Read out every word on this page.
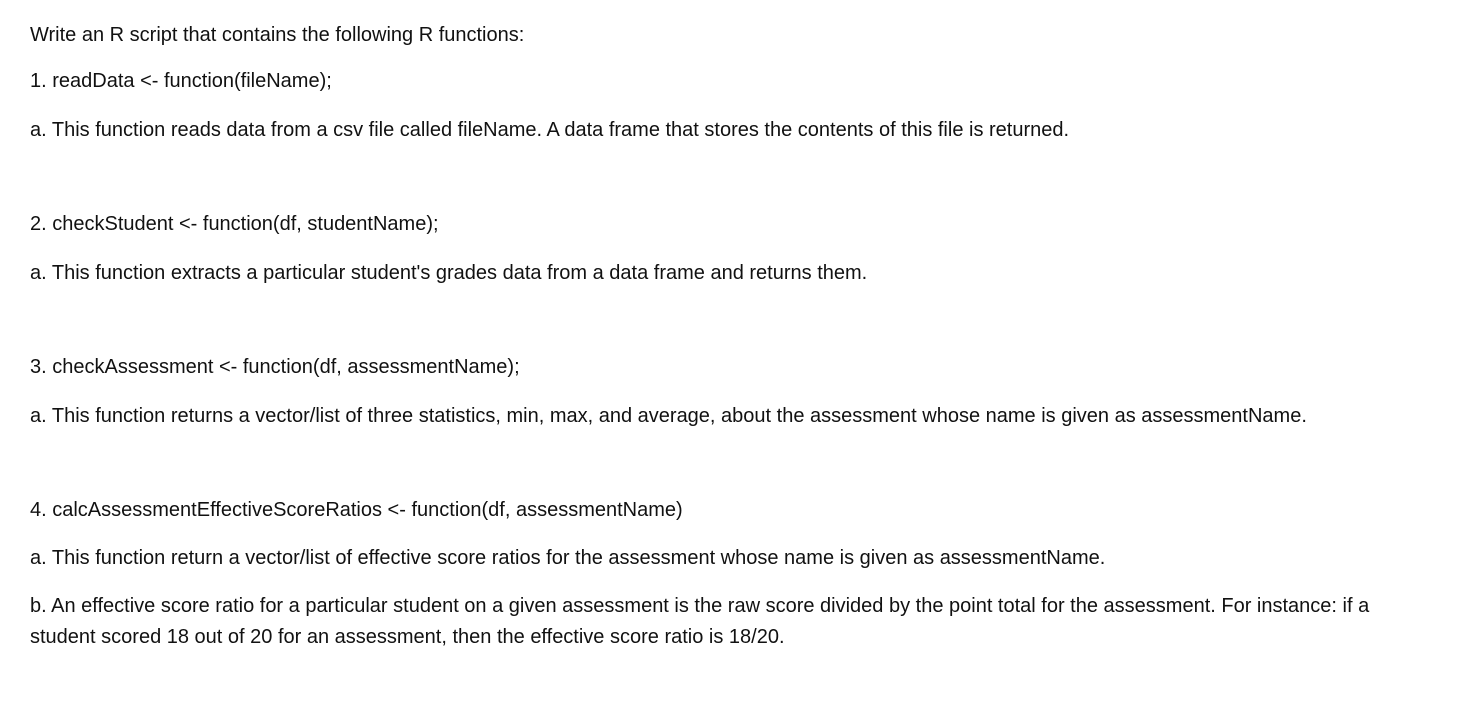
Write an R script that contains the following R functions:
1. readData <- function(fileName);
a. This function reads data from a csv file called fileName. A data frame that stores the contents of this file is returned.
2. checkStudent <- function(df, studentName);
a. This function extracts a particular student's grades data from a data frame and returns them.
3. checkAssessment <- function(df, assessmentName);
a. This function returns a vector/list of three statistics, min, max, and average, about the assessment whose name is given as assessmentName.
4. calcAssessmentEffectiveScoreRatios <- function(df, assessmentName)
a. This function return a vector/list of effective score ratios for the assessment whose name is given as assessmentName.
b. An effective score ratio for a particular student on a given assessment is the raw score divided by the point total for the assessment. For instance: if a student scored 18 out of 20 for an assessment, then the effective score ratio is 18/20.
